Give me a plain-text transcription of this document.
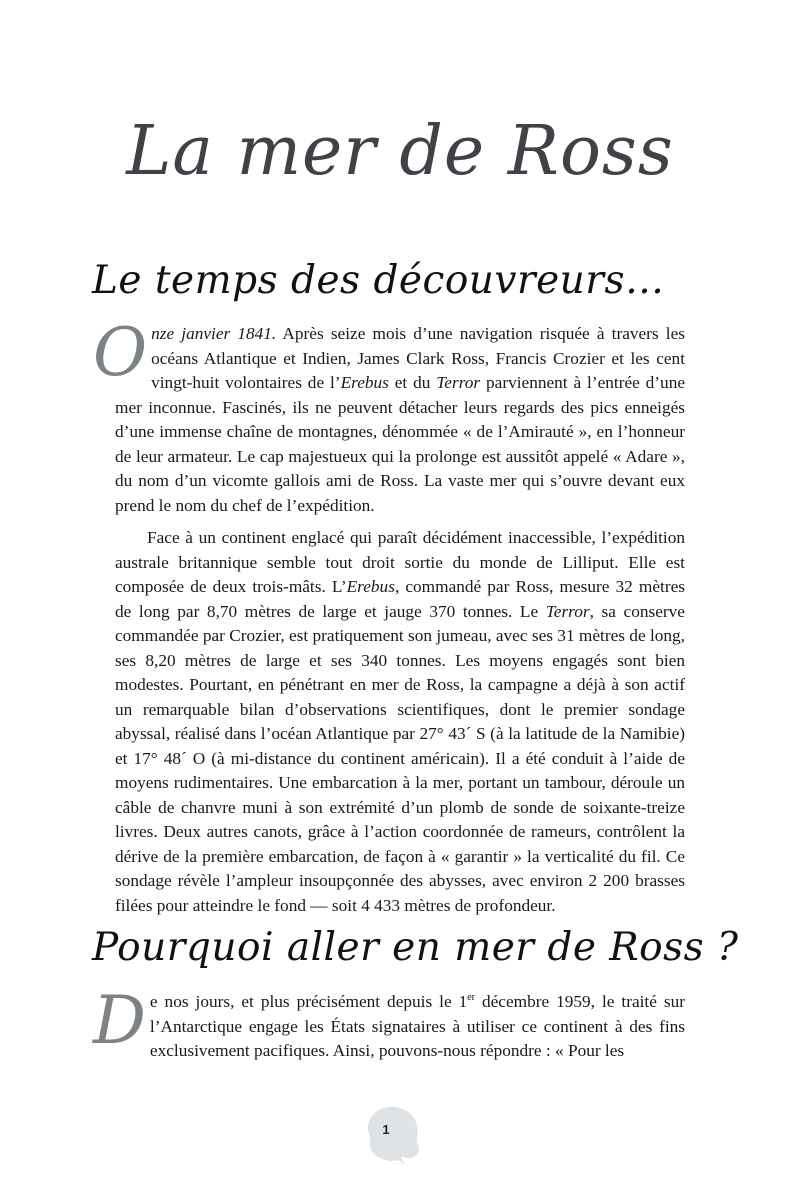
La mer de Ross
Le temps des découvreurs…

Onze janvier 1841. Après seize mois d’une navigation risquée à travers les océans Atlantique et Indien, James Clark Ross, Francis Crozier et les cent vingt-huit volontaires de l’Erebus et du Terror parviennent à l’entrée d’une mer inconnue. Fascinés, ils ne peuvent détacher leurs regards des pics enneigés d’une immense chaîne de montagnes, dénommée « de l’Amirauté », en l’honneur de leur armateur. Le cap majestueux qui la prolonge est aussitôt appelé « Adare », du nom d’un vicomte gallois ami de Ross. La vaste mer qui s’ouvre devant eux prend le nom du chef de l’expédition.

Face à un continent englacé qui paraît décidément inaccessible, l’expédition australe britannique semble tout droit sortie du monde de Lilliput. Elle est composée de deux trois-mâts. L’Erebus, commandé par Ross, mesure 32 mètres de long par 8,70 mètres de large et jauge 370 tonnes. Le Terror, sa conserve commandée par Crozier, est pratiquement son jumeau, avec ses 31 mètres de long, ses 8,20 mètres de large et ses 340 tonnes. Les moyens engagés sont bien modestes. Pourtant, en pénétrant en mer de Ross, la campagne a déjà à son actif un remarquable bilan d’observations scientifiques, dont le premier sondage abyssal, réalisé dans l’océan Atlantique par 27° 43´ S (à la latitude de la Namibie) et 17° 48´ O (à mi-distance du continent américain). Il a été conduit à l’aide de moyens rudimentaires. Une embarcation à la mer, portant un tambour, déroule un câble de chanvre muni à son extrémité d’un plomb de sonde de soixante-treize livres. Deux autres canots, grâce à l’action coordonnée de rameurs, contrôlent la dérive de la première embarcation, de façon à « garantir » la verticalité du fil. Ce sondage révèle l’ampleur insoupçonnée des abysses, avec environ 2 200 brasses filées pour atteindre le fond — soit 4 433 mètres de profondeur.

Pourquoi aller en mer de Ross ?

De nos jours, et plus précisément depuis le 1er décembre 1959, le traité sur l’Antarctique engage les États signataires à utiliser ce continent à des fins exclusivement pacifiques. Ainsi, pouvons-nous répondre : « Pour les

1
